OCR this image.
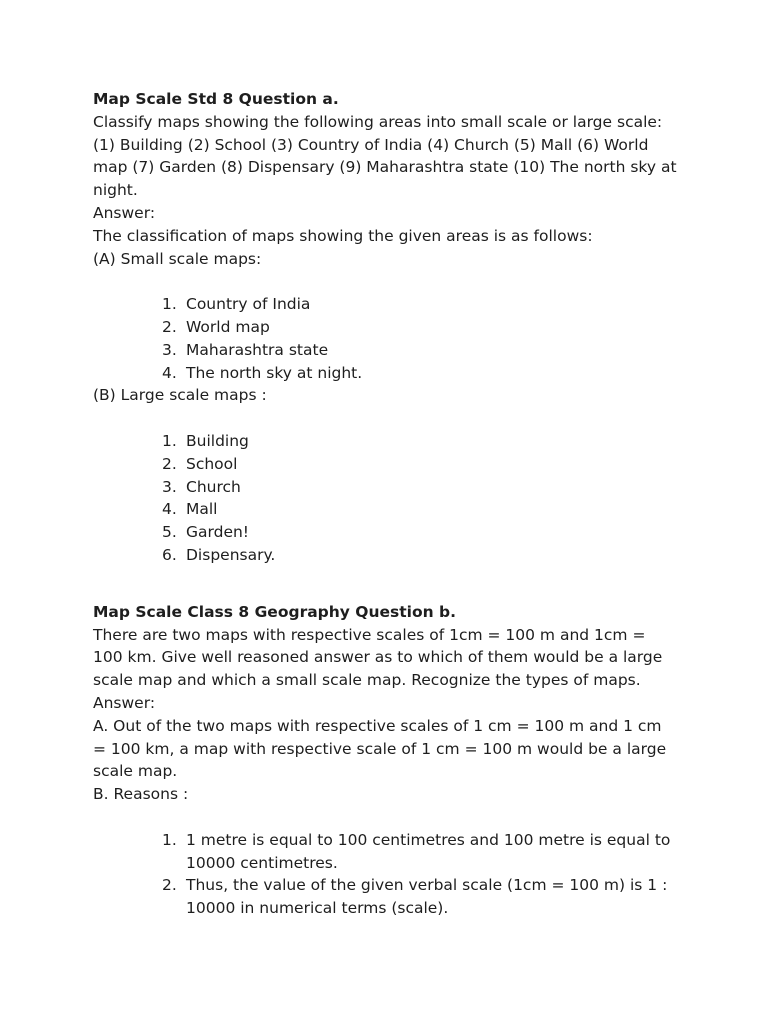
Map Scale Std 8 Question a.

Classify maps showing the following areas into small scale or large scale: (1) Building (2) School (3) Country of India (4) Church (5) Mall (6) World map (7) Garden (8) Dispensary (9) Maharashtra state (10) The north sky at night.

Answer:

The classification of maps showing the given areas is as follows:

(A) Small scale maps:

1. Country of India
2. World map
3. Maharashtra state
4. The north sky at night.

(B) Large scale maps :

1. Building
2. School
3. Church
4. Mall
5. Garden!
6. Dispensary.

Map Scale Class 8 Geography Question b.

There are two maps with respective scales of 1cm = 100 m and 1cm = 100 km. Give well reasoned answer as to which of them would be a large scale map and which a small scale map. Recognize the types of maps.

Answer:

A. Out of the two maps with respective scales of 1 cm = 100 m and 1 cm = 100 km, a map with respective scale of 1 cm = 100 m would be a large scale map.

B. Reasons :

1. 1 metre is equal to 100 centimetres and 100 metre is equal to 10000 centimetres.
2. Thus, the value of the given verbal scale (1cm = 100 m) is 1 : 10000 in numerical terms (scale).
